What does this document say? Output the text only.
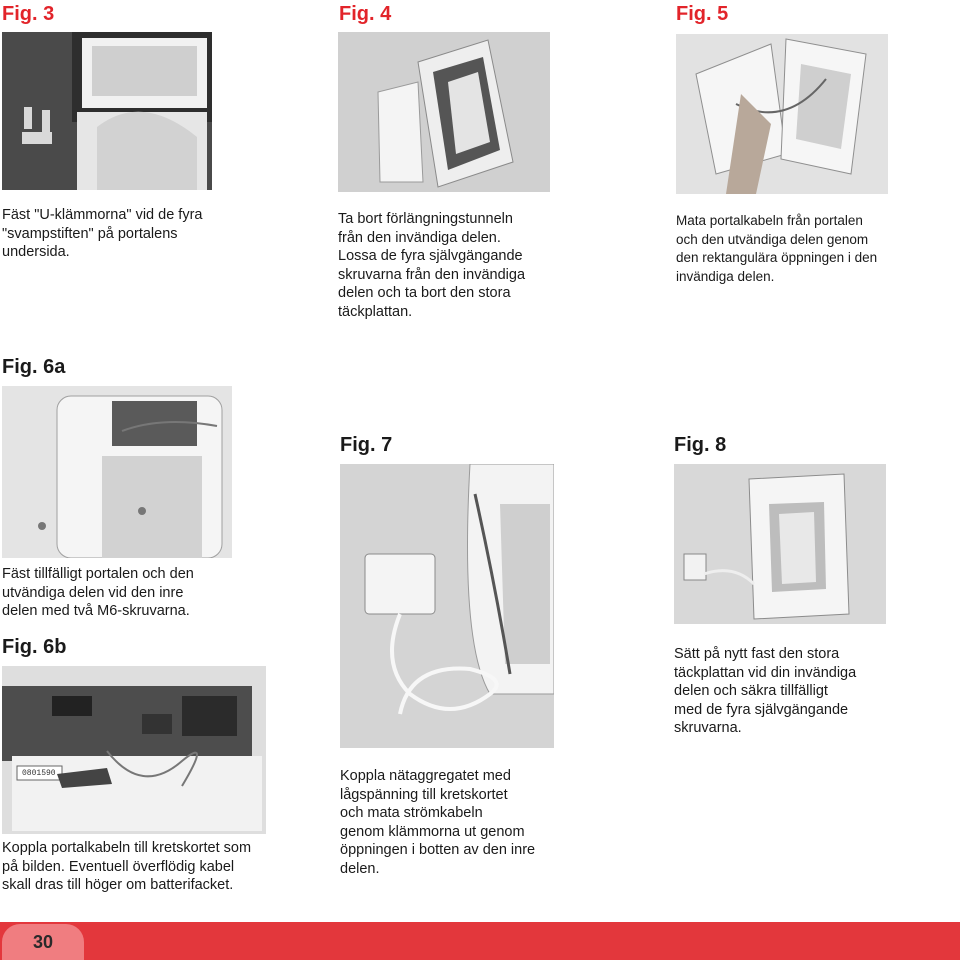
Fig. 3

Fäst "U-klämmorna" vid de fyra
"svampstiften" på portalens
undersida.

Fig. 4

Ta bort förlängningstunneln
från den invändiga delen.
Lossa de fyra självgängande
skruvarna från den invändiga
delen och ta bort den stora
täckplattan.

Fig. 5

Mata portalkabeln från portalen
och den utvändiga delen genom
den rektangulära öppningen i den
invändiga delen.

Fig. 6a

Fäst tillfälligt portalen och den
utvändiga delen vid den inre
delen med två M6-skruvarna.

Fig. 6b
0801590

Koppla portalkabeln till kretskortet som
på bilden. Eventuell överflödig kabel
skall dras till höger om batterifacket.

Fig. 7

Koppla nätaggregatet med
lågspänning till kretskortet
och mata strömkabeln
genom klämmorna ut genom
öppningen i botten av den inre
delen.

Fig. 8

Sätt på nytt fast den stora
täckplattan vid din invändiga
delen och säkra tillfälligt
med de fyra självgängande
skruvarna.

30
